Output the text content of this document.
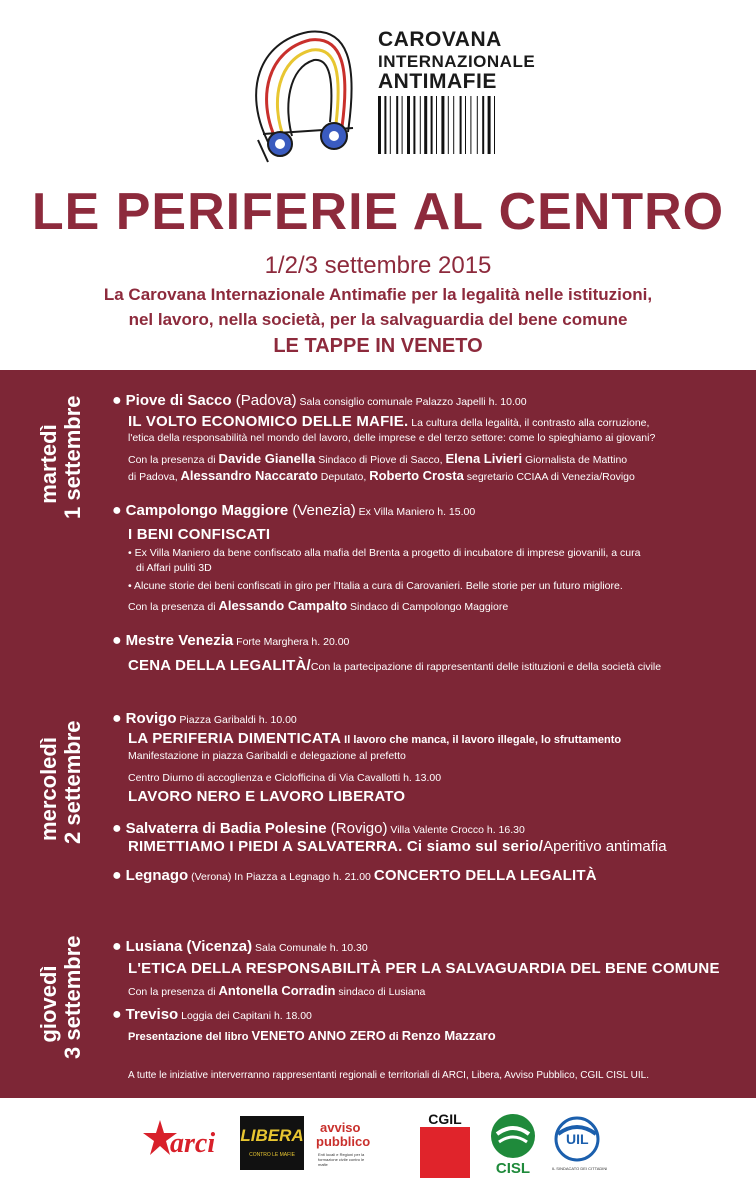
CAROVANA
INTERNAZIONALE
ANTIMAFIE
LE PERIFERIE AL CENTRO
1/2/3 settembre 2015
La Carovana Internazionale Antimafie per la legalità nelle istituzioni,
nel lavoro, nella società, per la salvaguardia del bene comune
LE TAPPE IN VENETO
martedì 1 settembre
mercoledì 2 settembre
giovedì 3 settembre
● Piove di Sacco (Padova) Sala consiglio comunale Palazzo Japelli h. 10.00
IL VOLTO ECONOMICO DELLE MAFIE. La cultura della legalità, il contrasto alla corruzione,
l'etica della responsabilità nel mondo del lavoro, delle imprese e del terzo settore: come lo spieghiamo ai giovani?
Con la presenza di Davide Gianella Sindaco di Piove di Sacco, Elena Livieri Giornalista de Mattino
di Padova, Alessandro Naccarato Deputato, Roberto Crosta segretario CCIAA di Venezia/Rovigo
● Campolongo Maggiore (Venezia) Ex Villa Maniero h. 15.00
I BENI CONFISCATI
• Ex Villa Maniero da bene confiscato alla mafia del Brenta a progetto di incubatore di imprese giovanili, a cura
di Affari puliti 3D
• Alcune storie dei beni confiscati in giro per l'Italia a cura di Carovanieri. Belle storie per un futuro migliore.
Con la presenza di Alessando Campalto Sindaco di Campolongo Maggiore
● Mestre Venezia Forte Marghera h. 20.00
CENA DELLA LEGALITÀ/Con la partecipazione di rappresentanti delle istituzioni e della società civile
● Rovigo Piazza Garibaldi h. 10.00
LA PERIFERIA DIMENTICATA Il lavoro che manca, il lavoro illegale, lo sfruttamento
Manifestazione in piazza Garibaldi e delegazione al prefetto
Centro Diurno di accoglienza e Ciclofficina di Via Cavallotti h. 13.00
LAVORO NERO E LAVORO LIBERATO
● Salvaterra di Badia Polesine (Rovigo) Villa Valente Crocco h. 16.30
RIMETTIAMO I PIEDI A SALVATERRA. Ci siamo sul serio/Aperitivo antimafia
● Legnago (Verona) In Piazza a Legnago h. 21.00 CONCERTO DELLA LEGALITÀ
● Lusiana (Vicenza) Sala Comunale h. 10.30
L'ETICA DELLA RESPONSABILITÀ PER LA SALVAGUARDIA DEL BENE COMUNE
Con la presenza di Antonella Corradin sindaco di Lusiana
● Treviso Loggia dei Capitani h. 18.00
Presentazione del libro VENETO ANNO ZERO di Renzo Mazzaro
A tutte le iniziative interverranno rappresentanti regionali e territoriali di ARCI, Libera, Avviso Pubblico, CGIL CISL UIL.
arci LIBERA
CONTRO LE MAFIE
avviso
pubblico
Enti locali e Regioni per la formazione civile contro le mafie
CGIL
CISL
UIL
IL SINDACATO DEI CITTADINI
